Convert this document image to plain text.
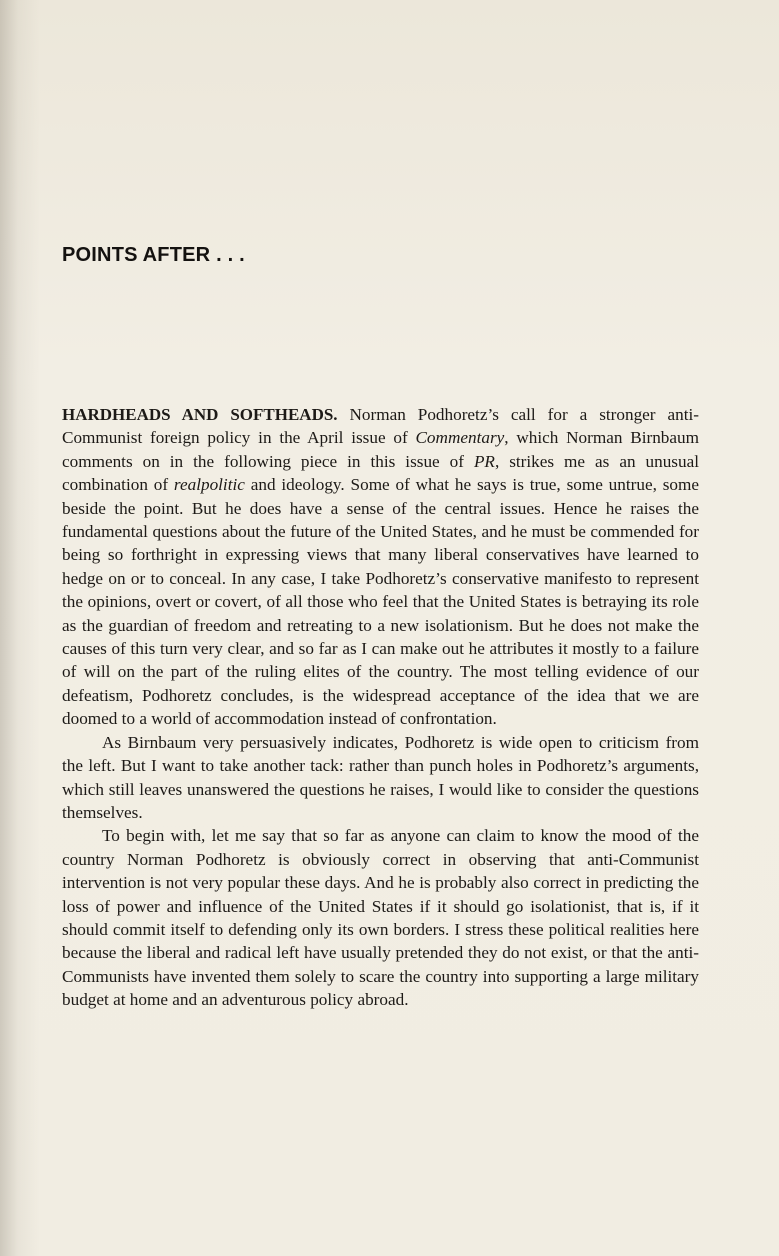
POINTS AFTER . . .

HARDHEADS AND SOFTHEADS. Norman Podhoretz’s call for a stronger anti-Communist foreign policy in the April issue of Commentary, which Norman Birnbaum comments on in the following piece in this issue of PR, strikes me as an unusual combination of realpolitic and ideology. Some of what he says is true, some untrue, some beside the point. But he does have a sense of the central issues. Hence he raises the fundamental questions about the future of the United States, and he must be commended for being so forthright in expressing views that many liberal conservatives have learned to hedge on or to conceal. In any case, I take Podhoretz’s conservative manifesto to represent the opinions, overt or covert, of all those who feel that the United States is betraying its role as the guardian of freedom and retreating to a new isolationism. But he does not make the causes of this turn very clear, and so far as I can make out he attributes it mostly to a failure of will on the part of the ruling elites of the country. The most telling evidence of our defeatism, Podhoretz concludes, is the widespread acceptance of the idea that we are doomed to a world of accommodation instead of confrontation.

As Birnbaum very persuasively indicates, Podhoretz is wide open to criticism from the left. But I want to take another tack: rather than punch holes in Podhoretz’s arguments, which still leaves unanswered the questions he raises, I would like to consider the questions themselves.

To begin with, let me say that so far as anyone can claim to know the mood of the country Norman Podhoretz is obviously correct in observing that anti-Communist intervention is not very popular these days. And he is probably also correct in predicting the loss of power and influence of the United States if it should go isolationist, that is, if it should commit itself to defending only its own borders. I stress these political realities here because the liberal and radical left have usually pretended they do not exist, or that the anti-Communists have invented them solely to scare the country into supporting a large military budget at home and an adventurous policy abroad.
